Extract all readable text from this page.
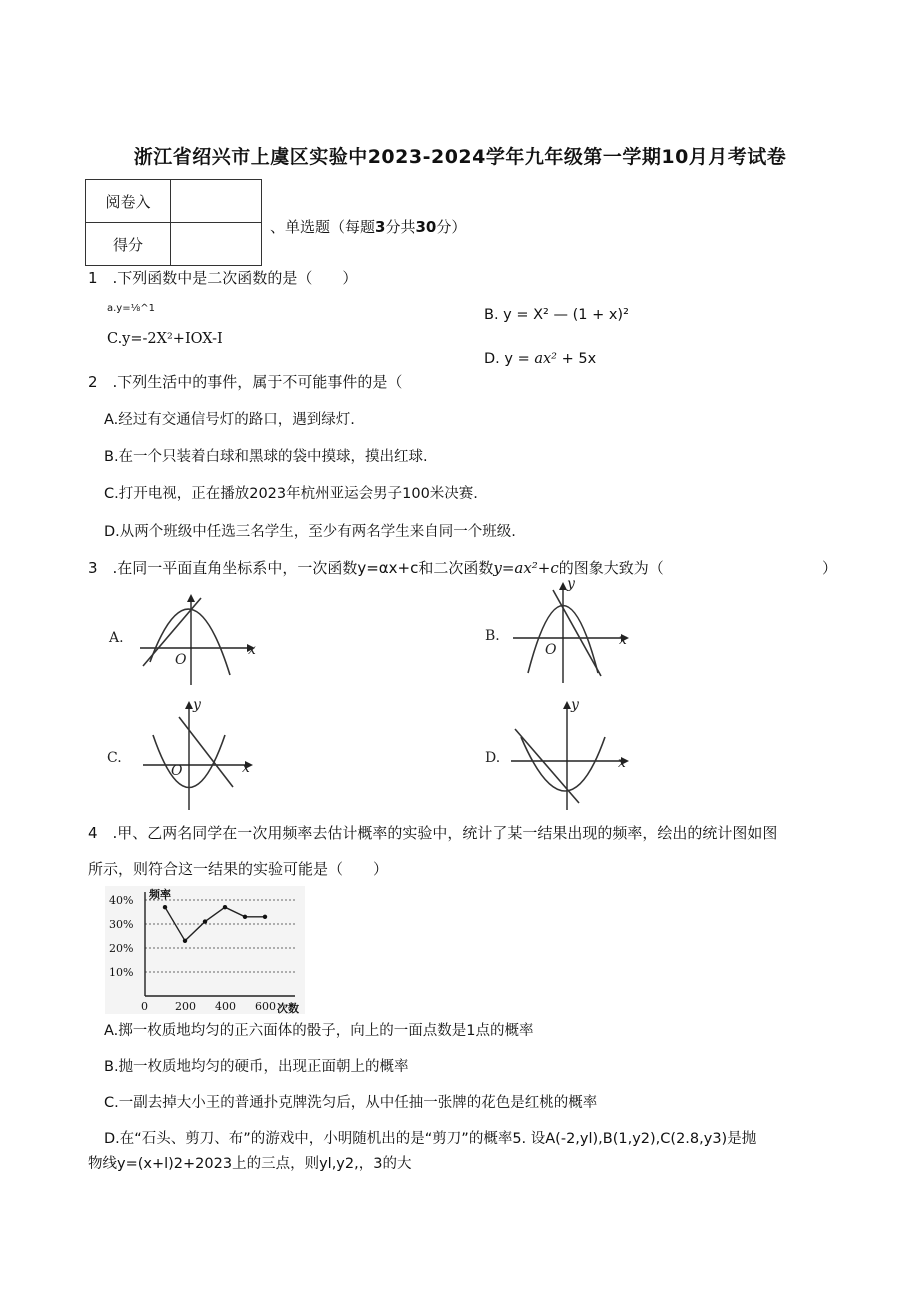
浙江省绍兴市上虞区实验中2023-2024学年九年级第一学期10月月考试卷
阅卷入	
得分	
、单选题（每题3分共30分）
1　.下列函数中是二次函数的是（　　）
a.y=⅛^1	B. y = X² — (1 + x)²
C.y=-2X²+IOX-I
D. y = ax² + 5x
2　.下列生活中的事件，属于不可能事件的是（
A.经过有交通信号灯的路口，遇到绿灯.
B.在一个只装着白球和黑球的袋中摸球，摸出红球.
C.打开电视，正在播放2023年杭州亚运会男子100米决赛.
D.从两个班级中任选三名学生，至少有两名学生来自同一个班级.
3　.在同一平面直角坐标系中，一次函数y=αx+c和二次函数y=ax²+c的图象大致为（	）
A.
O
x
B.
O
y
x
C.
O
y
x
D.
y
x
4　.甲、乙两名同学在一次用频率去估计概率的实验中，统计了某一结果出现的频率，绘出的统计图如图
所示，则符合这一结果的实验可能是（　　）
40%
30%
20%
10%
频率
次数
0 200 400 600
A.掷一枚质地均匀的正六面体的骰子，向上的一面点数是1点的概率
B.抛一枚质地均匀的硬币，出现正面朝上的概率
C.一副去掉大小王的普通扑克牌洗匀后，从中任抽一张牌的花色是红桃的概率
D.在“石头、剪刀、布”的游戏中，小明随机出的是“剪刀”的概率5. 设A(-2,yl),B(1,y2),C(2.8,y3)是抛
物线y=(x+l)2+2023上的三点，则yl,y2,，3的大
